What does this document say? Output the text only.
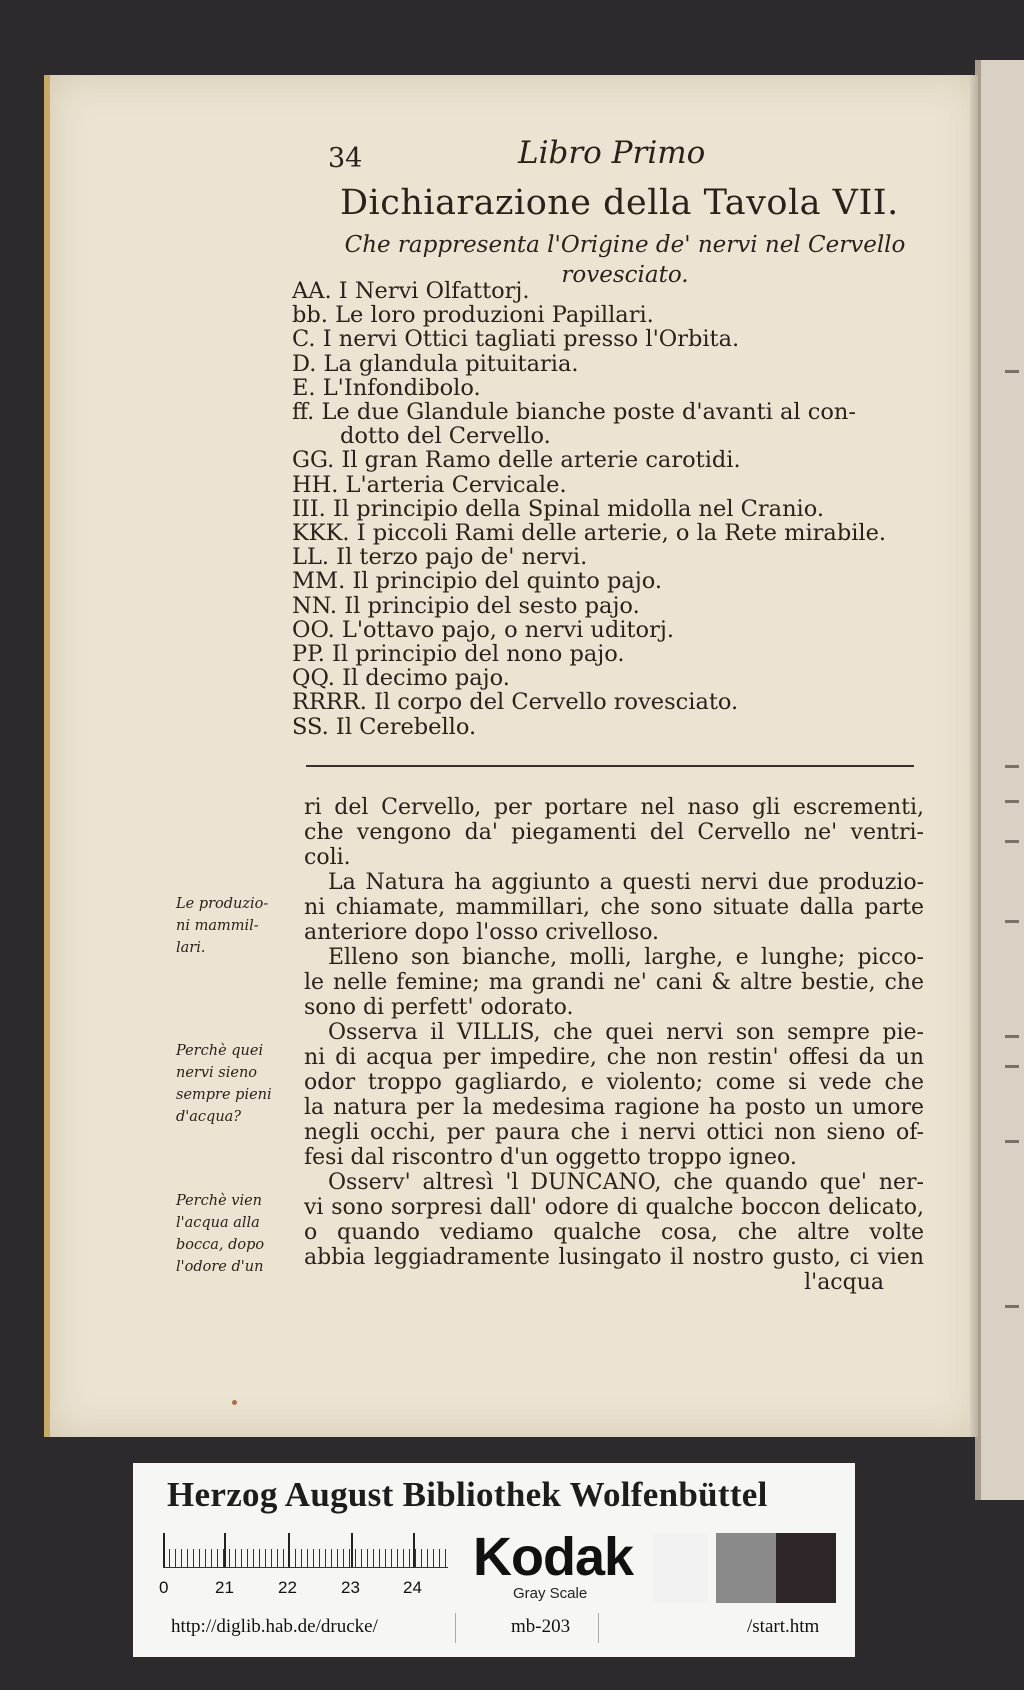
34	Libro Primo
Dichiarazione della Tavola VII.
Che rappresenta l'Origine de' nervi nel Cervello rovesciato.
AA. I Nervi Olfattorj.
bb. Le loro produzioni Papillari.
C. I nervi Ottici tagliati presso l'Orbita.
D. La glandula pituitaria.
E. L'Infondibolo.
ff. Le due Glandule bianche poste d'avanti al con-
dotto del Cervello.
GG. Il gran Ramo delle arterie carotidi.
HH. L'arteria Cervicale.
III. Il principio della Spinal midolla nel Cranio.
KKK. I piccoli Rami delle arterie, o la Rete mirabile.
LL. Il terzo pajo de' nervi.
MM. Il principio del quinto pajo.
NN. Il principio del sesto pajo.
OO. L'ottavo pajo, o nervi uditorj.
PP. Il principio del nono pajo.
QQ. Il decimo pajo.
RRRR. Il corpo del Cervello rovesciato.
SS. Il Cerebello.
Le produzio- ni mammil- lari.
Perchè quei nervi sieno sempre pieni d'acqua?
Perchè vien l'acqua alla bocca, dopo l'odore d'un
ri del Cervello, per portare nel naso gli escrementi,
che vengono da' piegamenti del Cervello ne' ventri-
coli.
La Natura ha aggiunto a questi nervi due produzio-
ni chiamate, mammillari, che sono situate dalla parte
anteriore dopo l'osso crivelloso.
Elleno son bianche, molli, larghe, e lunghe; picco-
le nelle femine; ma grandi ne' cani & altre bestie, che
sono di perfett' odorato.
Osserva il VILLIS, che quei nervi son sempre pie-
ni di acqua per impedire, che non restin' offesi da un
odor troppo gagliardo, e violento; come si vede che
la natura per la medesima ragione ha posto un umore
negli occhi, per paura che i nervi ottici non sieno of-
fesi dal riscontro d'un oggetto troppo igneo.
Osserv' altresì 'l DUNCANO, che quando que' ner-
vi sono sorpresi dall' odore di qualche boccon delicato,
o quando vediamo qualche cosa, che altre volte
abbia leggiadramente lusingato il nostro gusto, ci vien
l'acqua
Herzog August Bibliothek Wolfenbüttel
0	21	22	23	24
Kodak
Gray Scale
http://diglib.hab.de/drucke/	mb-203	/start.htm
